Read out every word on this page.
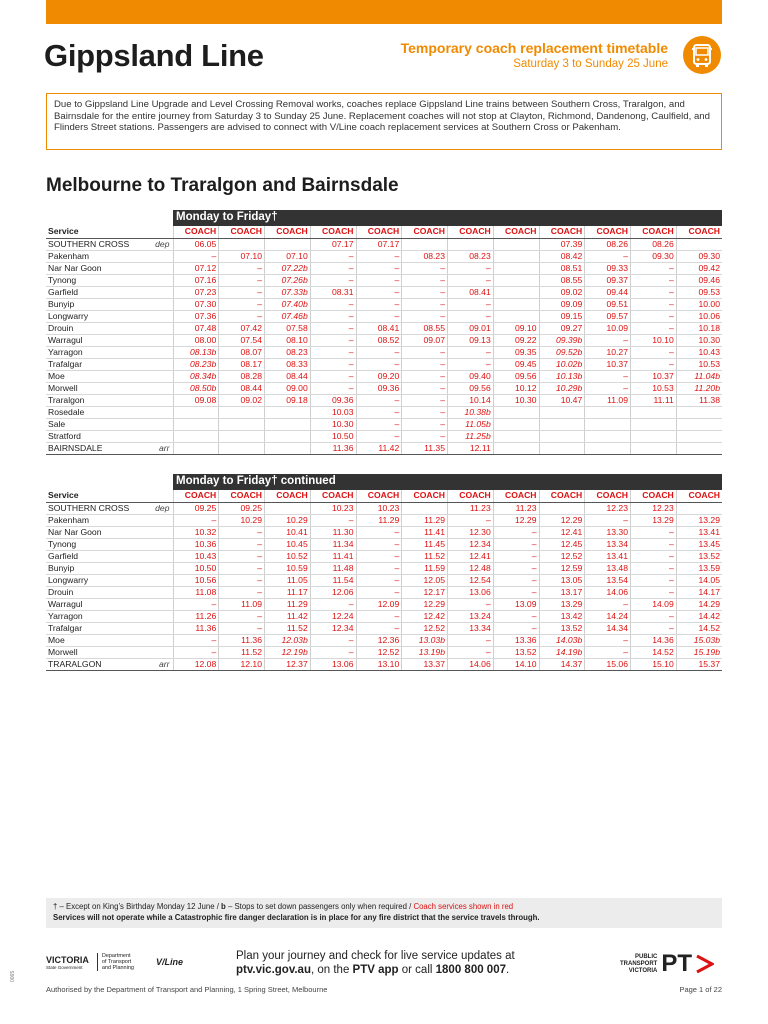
Gippsland Line	Temporary coach replacement timetable
Saturday 3 to Sunday 25 June
Due to Gippsland Line Upgrade and Level Crossing Removal works, coaches replace Gippsland Line trains between Southern Cross, Traralgon, and Bairnsdale for the entire journey from Saturday 3 to Sunday 25 June. Replacement coaches will not stop at Clayton, Richmond, Dandenong, Caulfield, and Flinders Street stations. Passengers are advised to connect with V/Line coach replacement services at Southern Cross or Pakenham.
Melbourne to Traralgon and Bairnsdale
Monday to Friday†
Service	COACH	COACH	COACH	COACH	COACH	COACH	COACH	COACH	COACH	COACH	COACH	COACH
SOUTHERN CROSS dep	06.05			07.17	07.17				07.39	08.26	08.26	
Pakenham	–	07.10	07.10	–	–	08.23	08.23		08.42	–	09.30	09.30
Nar Nar Goon	07.12	–	07.22b	–	–	–	–		08.51	09.33	–	09.42
Tynong	07.16	–	07.26b	–	–	–	–		08.55	09.37	–	09.46
Garfield	07.23	–	07.33b	08.31	–	–	08.41		09.02	09.44	–	09.53
Bunyip	07.30	–	07.40b	–	–	–	–		09.09	09.51	–	10.00
Longwarry	07.36	–	07.46b	–	–	–	–		09.15	09.57	–	10.06
Drouin	07.48	07.42	07.58	–	08.41	08.55	09.01	09.10	09.27	10.09	–	10.18
Warragul	08.00	07.54	08.10	–	08.52	09.07	09.13	09.22	09.39b	–	10.10	10.30
Yarragon	08.13b	08.07	08.23	–	–	–	–	09.35	09.52b	10.27	–	10.43
Trafalgar	08.23b	08.17	08.33	–	–	–	–	09.45	10.02b	10.37	–	10.53
Moe	08.34b	08.28	08.44	–	09.20	–	09.40	09.56	10.13b	–	10.37	11.04b
Morwell	08.50b	08.44	09.00	–	09.36	–	09.56	10.12	10.29b	–	10.53	11.20b
Traralgon	09.08	09.02	09.18	09.36	–	–	10.14	10.30	10.47	11.09	11.11	11.38
Rosedale				10.03	–	–	10.38b					
Sale				10.30	–	–	11.05b					
Stratford				10.50	–	–	11.25b					
BAIRNSDALE arr				11.36	11.42	11.35	12.11					
Monday to Friday† continued
Service	COACH	COACH	COACH	COACH	COACH	COACH	COACH	COACH	COACH	COACH	COACH	COACH
SOUTHERN CROSS dep	09.25	09.25		10.23	10.23		11.23	11.23		12.23	12.23	
Pakenham	–	10.29	10.29	–	11.29	11.29	–	12.29	12.29	–	13.29	13.29
Nar Nar Goon	10.32	–	10.41	11.30	–	11.41	12.30	–	12.41	13.30	–	13.41
Tynong	10.36	–	10.45	11.34	–	11.45	12.34	–	12.45	13.34	–	13.45
Garfield	10.43	–	10.52	11.41	–	11.52	12.41	–	12.52	13.41	–	13.52
Bunyip	10.50	–	10.59	11.48	–	11.59	12.48	–	12.59	13.48	–	13.59
Longwarry	10.56	–	11.05	11.54	–	12.05	12.54	–	13.05	13.54	–	14.05
Drouin	11.08	–	11.17	12.06	–	12.17	13.06	–	13.17	14.06	–	14.17
Warragul	–	11.09	11.29	–	12.09	12.29	–	13.09	13.29	–	14.09	14.29
Yarragon	11.26	–	11.42	12.24	–	12.42	13.24	–	13.42	14.24	–	14.42
Trafalgar	11.36	–	11.52	12.34	–	12.52	13.34	–	13.52	14.34	–	14.52
Moe	–	11.36	12.03b	–	12.36	13.03b	–	13.36	14.03b	–	14.36	15.03b
Morwell	–	11.52	12.19b	–	12.52	13.19b	–	13.52	14.19b	–	14.52	15.19b
TRARALGON arr	12.08	12.10	12.37	13.06	13.10	13.37	14.06	14.10	14.37	15.06	15.10	15.37
† – Except on King’s Birthday Monday 12 June / b – Stops to set down passengers only when required / Coach services shown in red
Services will not operate while a Catastrophic fire danger declaration is in place for any fire district that the service travels through.
VICTORIA
State Government
Department
of Transport
and Planning
V/Line	Plan your journey and check for live service updates at
ptv.vic.gov.au, on the PTV app or call 1800 800 007.
PUBLIC
TRANSPORT
VICTORIA PT
0065
Authorised by the Department of Transport and Planning, 1 Spring Street, Melbourne	Page 1 of 22
